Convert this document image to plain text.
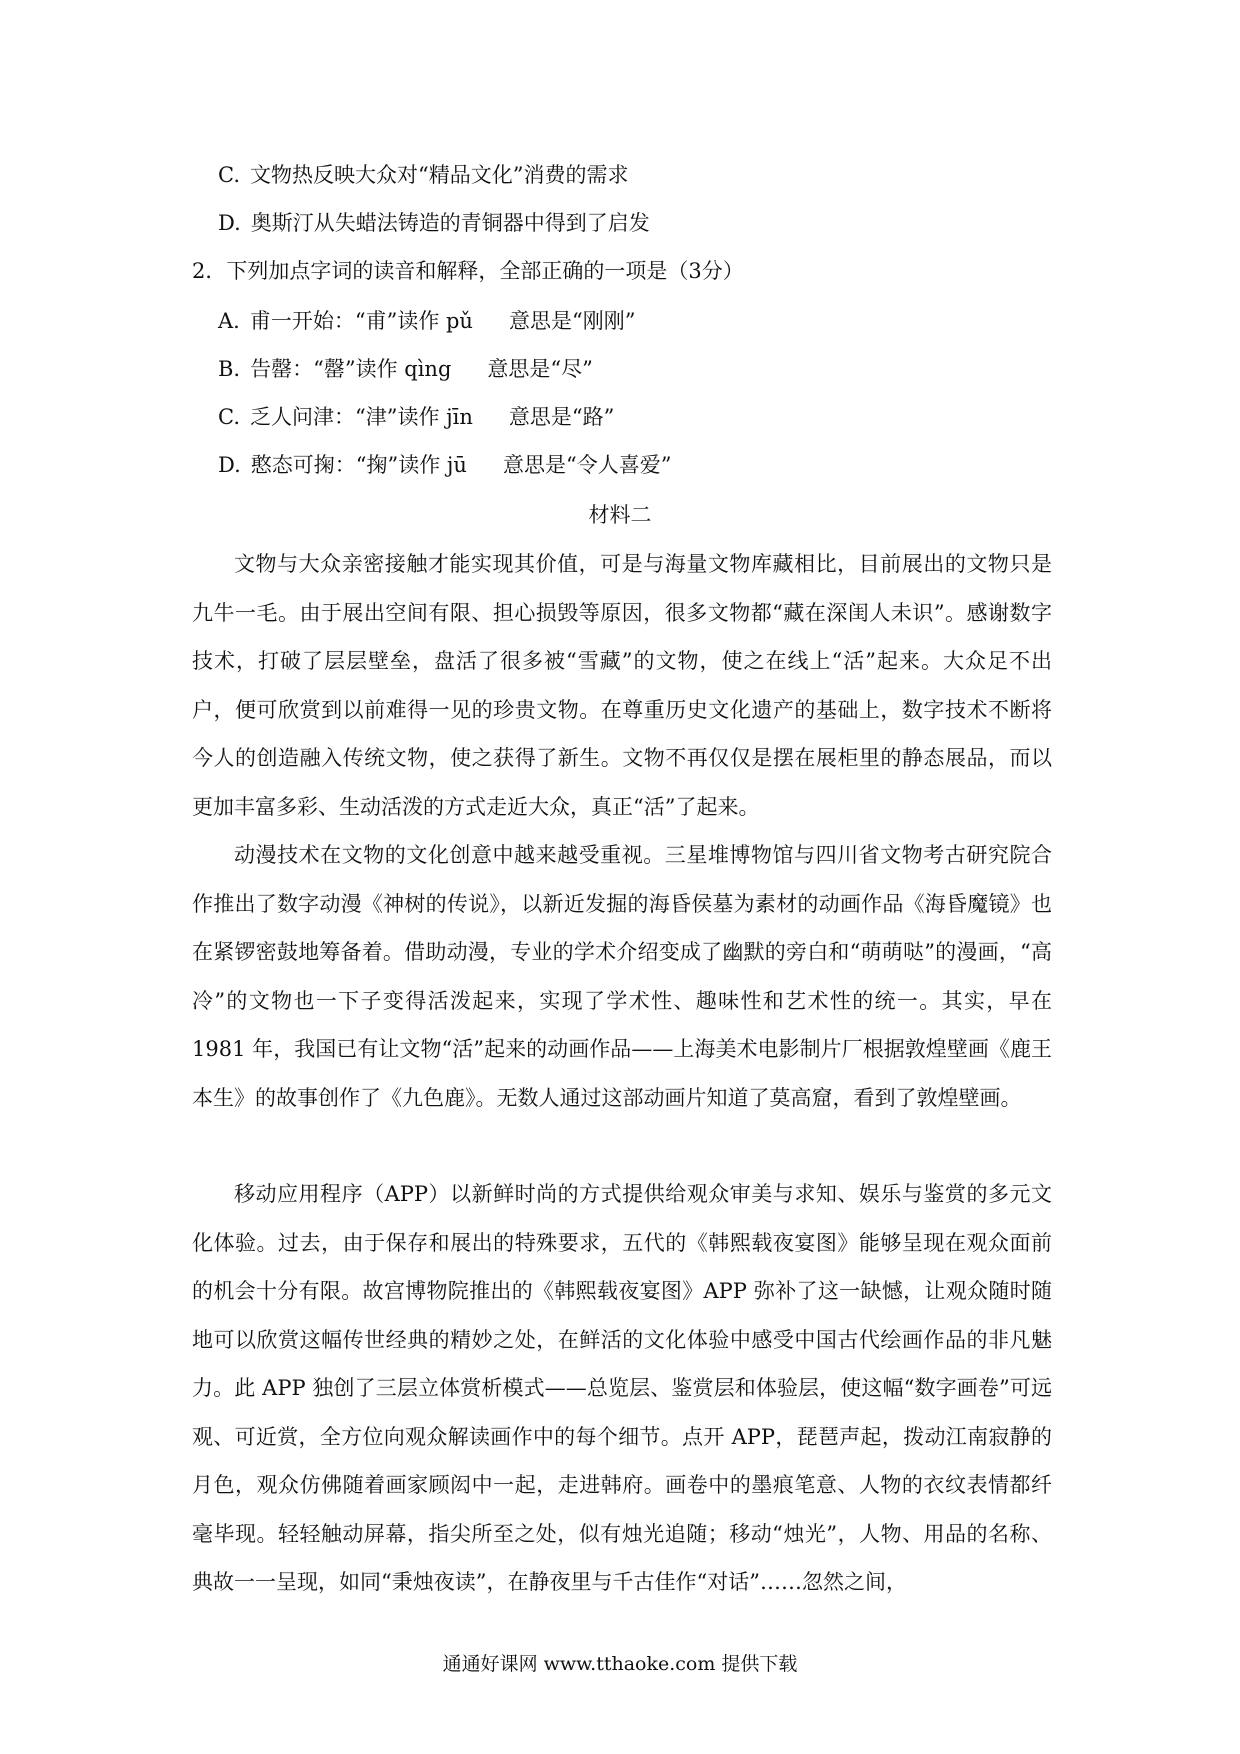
C. 文物热反映大众对“精品文化”消费的需求
D. 奥斯汀从失蜡法铸造的青铜器中得到了启发
2．下列加点字词的读音和解释，全部正确的一项是（3分）
A. 甫一开始：“甫”读作 pǔ 意思是“刚刚”
B. 告罄：“罄”读作 qìng 意思是“尽”
C. 乏人问津：“津”读作 jīn 意思是“路”
D. 憨态可掬：“掬”读作 jū 意思是“令人喜爱”
材料二
文物与大众亲密接触才能实现其价值，可是与海量文物库藏相比，目前展出的文物只是九牛一毛。由于展出空间有限、担心损毁等原因，很多文物都“藏在深闺人未识”。感谢数字技术，打破了层层壁垒，盘活了很多被“雪藏”的文物，使之在线上“活”起来。大众足不出户，便可欣赏到以前难得一见的珍贵文物。在尊重历史文化遗产的基础上，数字技术不断将今人的创造融入传统文物，使之获得了新生。文物不再仅仅是摆在展柜里的静态展品，而以更加丰富多彩、生动活泼的方式走近大众，真正“活”了起来。
动漫技术在文物的文化创意中越来越受重视。三星堆博物馆与四川省文物考古研究院合作推出了数字动漫《神树的传说》，以新近发掘的海昏侯墓为素材的动画作品《海昏魔镜》也在紧锣密鼓地筹备着。借助动漫，专业的学术介绍变成了幽默的旁白和“萌萌哒”的漫画，“高冷”的文物也一下子变得活泼起来，实现了学术性、趣味性和艺术性的统一。其实，早在 1981 年，我国已有让文物“活”起来的动画作品——上海美术电影制片厂根据敦煌壁画《鹿王本生》的故事创作了《九色鹿》。无数人通过这部动画片知道了莫高窟，看到了敦煌壁画。
移动应用程序（APP）以新鲜时尚的方式提供给观众审美与求知、娱乐与鉴赏的多元文化体验。过去，由于保存和展出的特殊要求，五代的《韩熙载夜宴图》能够呈现在观众面前的机会十分有限。故宫博物院推出的《韩熙载夜宴图》APP 弥补了这一缺憾，让观众随时随地可以欣赏这幅传世经典的精妙之处，在鲜活的文化体验中感受中国古代绘画作品的非凡魅力。此 APP 独创了三层立体赏析模式——总览层、鉴赏层和体验层，使这幅“数字画卷”可远观、可近赏，全方位向观众解读画作中的每个细节。点开 APP，琵琶声起，拨动江南寂静的月色，观众仿佛随着画家顾闳中一起，走进韩府。画卷中的墨痕笔意、人物的衣纹表情都纤毫毕现。轻轻触动屏幕，指尖所至之处，似有烛光追随；移动“烛光”，人物、用品的名称、典故一一呈现，如同“秉烛夜读”，在静夜里与千古佳作“对话”……忽然之间，
通通好课网 www.tthaoke.com 提供下载
